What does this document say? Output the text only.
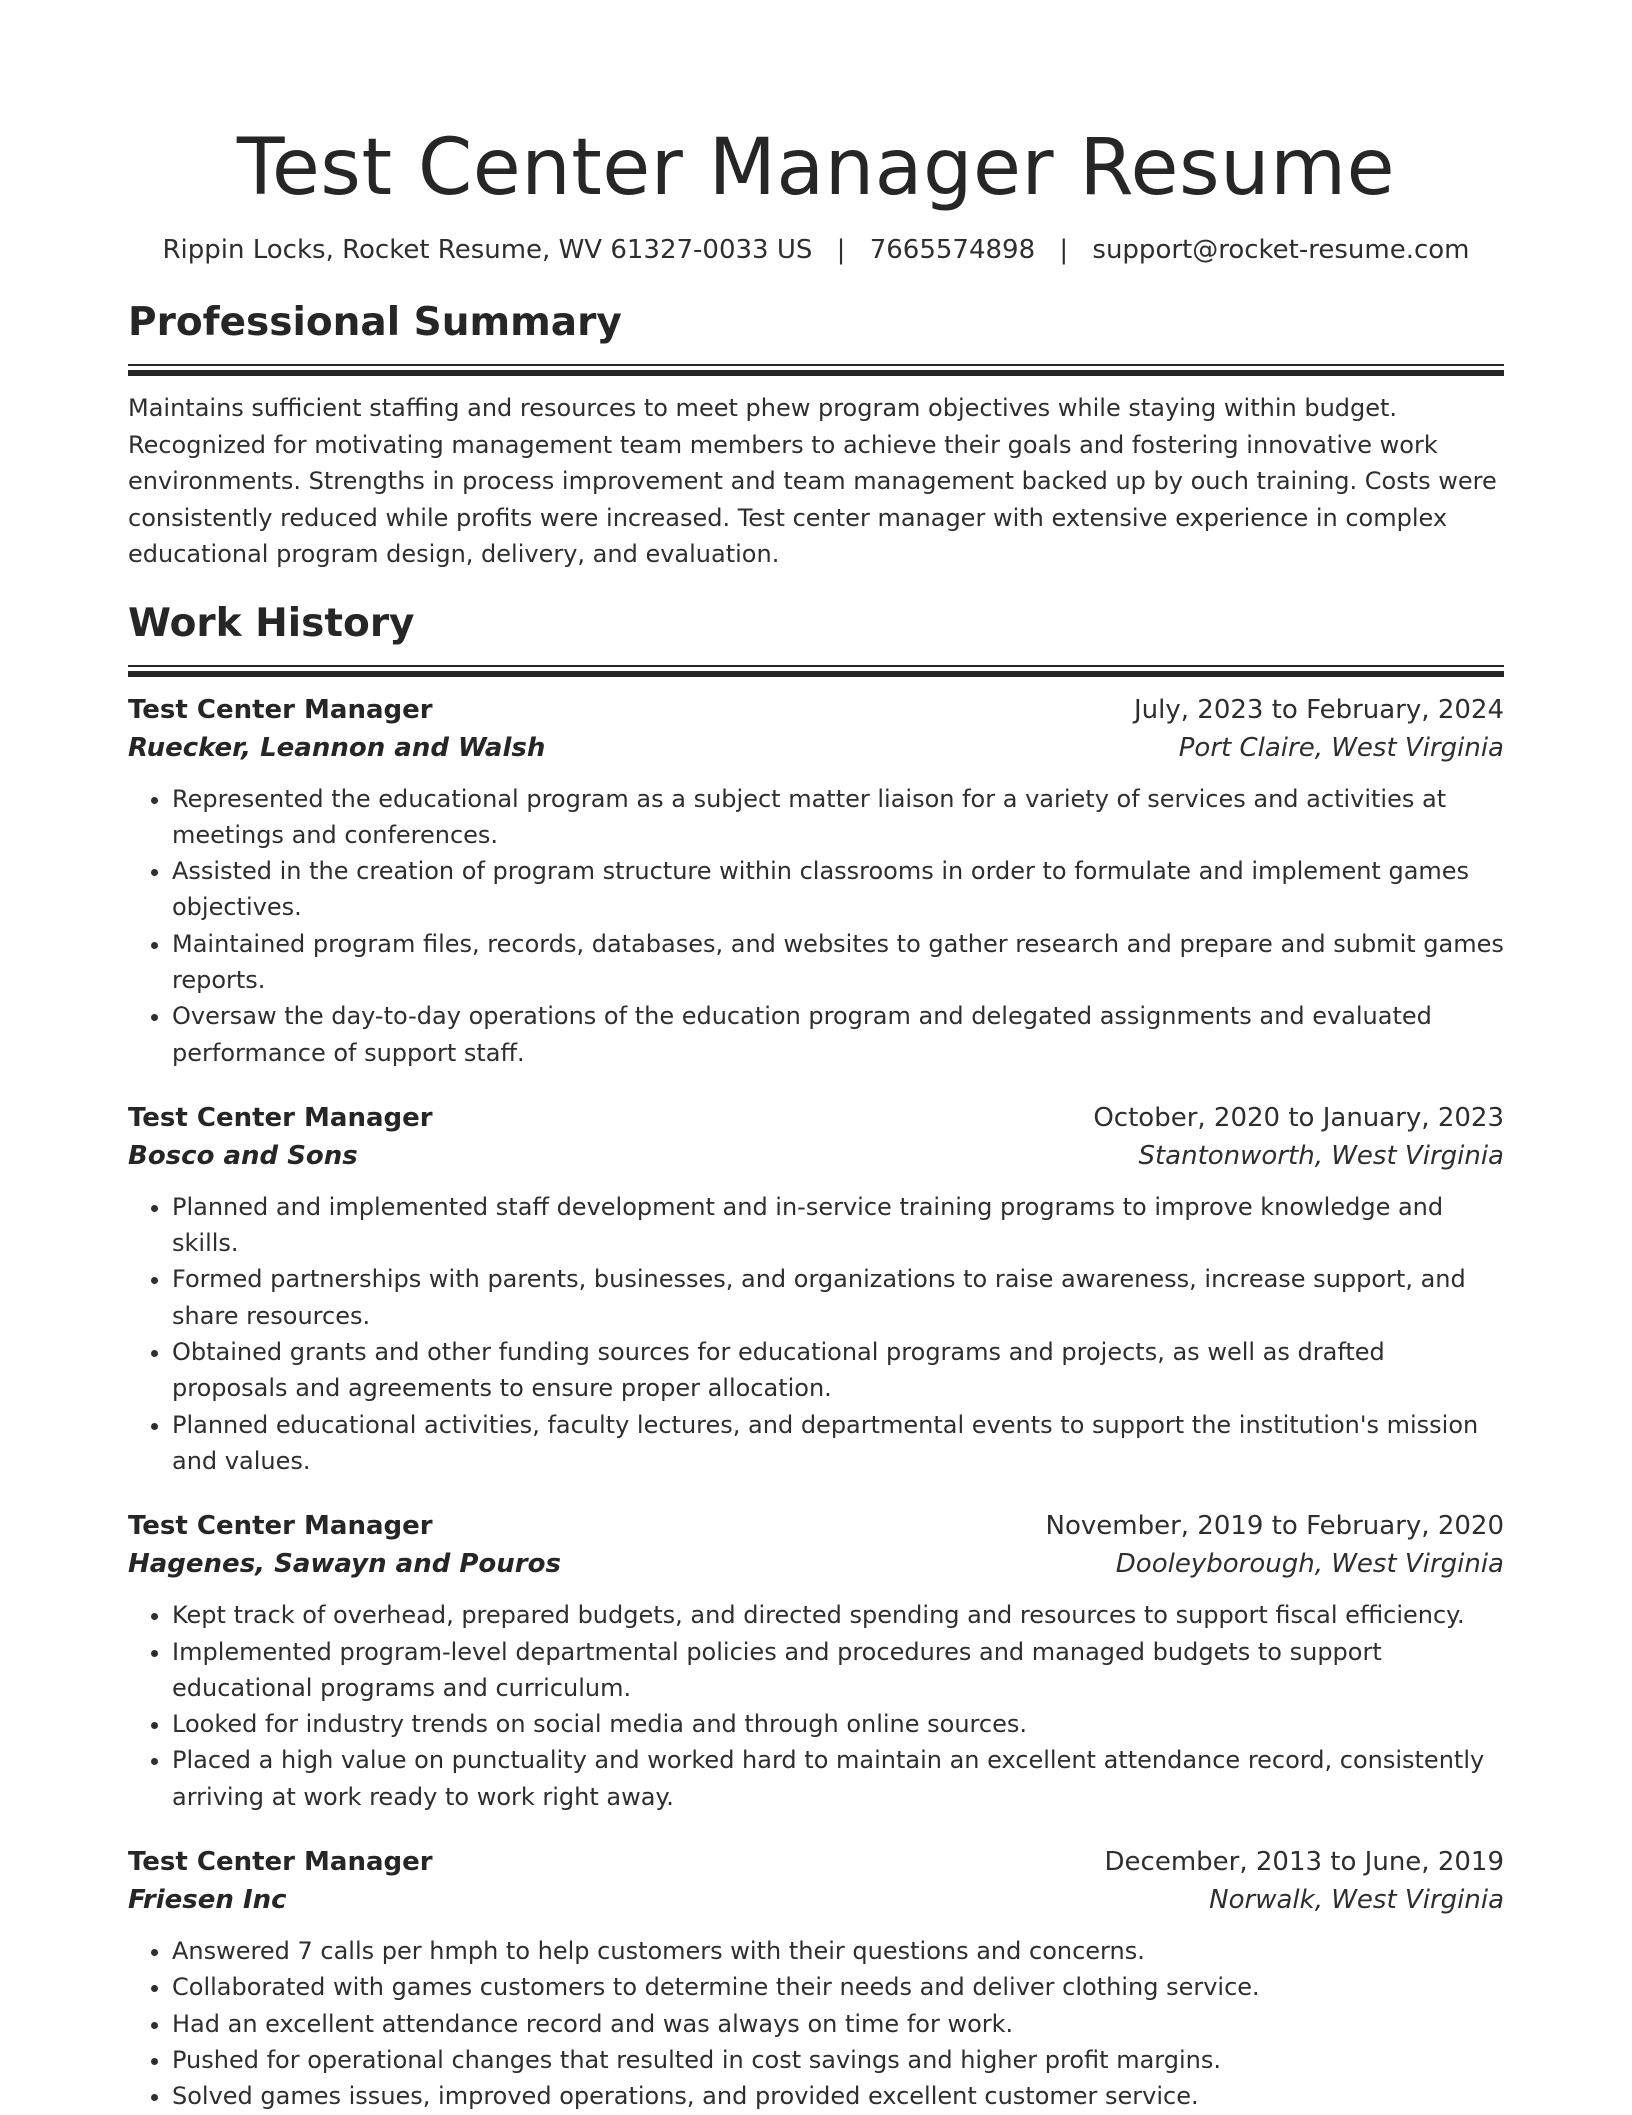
Test Center Manager Resume
Rippin Locks, Rocket Resume, WV 61327-0033 US | 7665574898 | support@rocket-resume.com
Professional Summary
Maintains sufficient staffing and resources to meet phew program objectives while staying within budget. Recognized for motivating management team members to achieve their goals and fostering innovative work environments. Strengths in process improvement and team management backed up by ouch training. Costs were consistently reduced while profits were increased. Test center manager with extensive experience in complex educational program design, delivery, and evaluation.
Work History
Test Center Manager	July, 2023 to February, 2024
Ruecker, Leannon and Walsh	Port Claire, West Virginia
• Represented the educational program as a subject matter liaison for a variety of services and activities at meetings and conferences.
• Assisted in the creation of program structure within classrooms in order to formulate and implement games objectives.
• Maintained program files, records, databases, and websites to gather research and prepare and submit games reports.
• Oversaw the day-to-day operations of the education program and delegated assignments and evaluated performance of support staff.
Test Center Manager	October, 2020 to January, 2023
Bosco and Sons	Stantonworth, West Virginia
• Planned and implemented staff development and in-service training programs to improve knowledge and skills.
• Formed partnerships with parents, businesses, and organizations to raise awareness, increase support, and share resources.
• Obtained grants and other funding sources for educational programs and projects, as well as drafted proposals and agreements to ensure proper allocation.
• Planned educational activities, faculty lectures, and departmental events to support the institution's mission and values.
Test Center Manager	November, 2019 to February, 2020
Hagenes, Sawayn and Pouros	Dooleyborough, West Virginia
• Kept track of overhead, prepared budgets, and directed spending and resources to support fiscal efficiency.
• Implemented program-level departmental policies and procedures and managed budgets to support educational programs and curriculum.
• Looked for industry trends on social media and through online sources.
• Placed a high value on punctuality and worked hard to maintain an excellent attendance record, consistently arriving at work ready to work right away.
Test Center Manager	December, 2013 to June, 2019
Friesen Inc	Norwalk, West Virginia
• Answered 7 calls per hmph to help customers with their questions and concerns.
• Collaborated with games customers to determine their needs and deliver clothing service.
• Had an excellent attendance record and was always on time for work.
• Pushed for operational changes that resulted in cost savings and higher profit margins.
• Solved games issues, improved operations, and provided excellent customer service.
